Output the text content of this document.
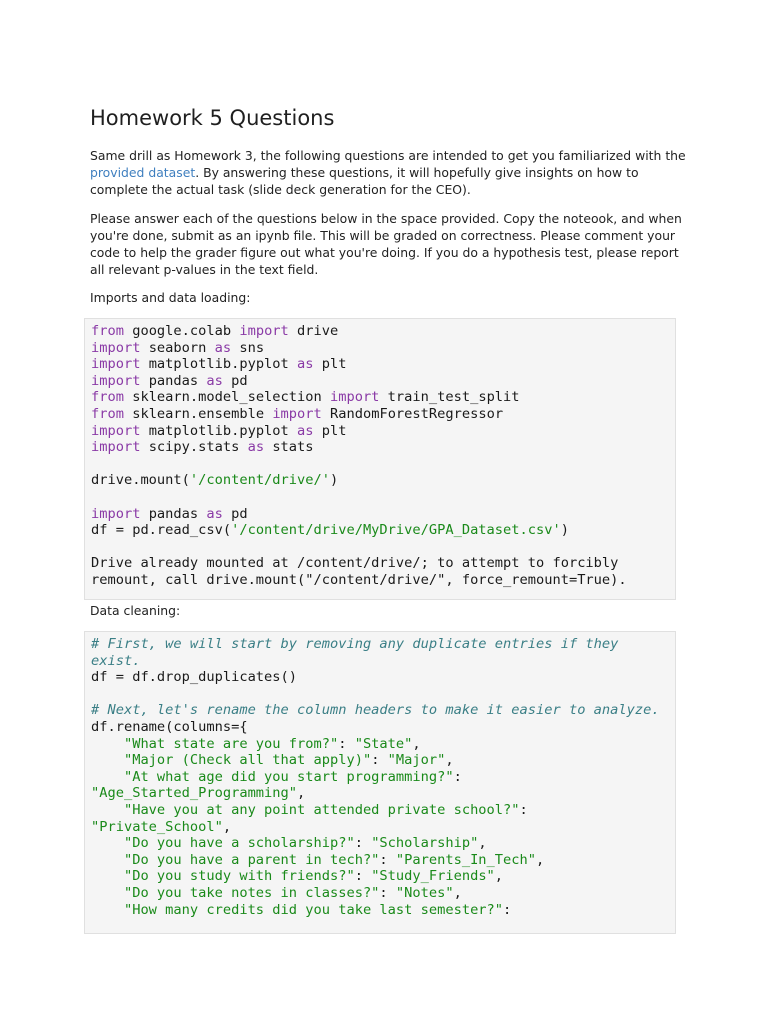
Homework 5 Questions

Same drill as Homework 3, the following questions are intended to get you familiarized with the provided dataset. By answering these questions, it will hopefully give insights on how to complete the actual task (slide deck generation for the CEO).

Please answer each of the questions below in the space provided. Copy the noteook, and when you're done, submit as an ipynb file. This will be graded on correctness. Please comment your code to help the grader figure out what you're doing. If you do a hypothesis test, please report all relevant p-values in the text field.

Imports and data loading:

from google.colab import drive
import seaborn as sns
import matplotlib.pyplot as plt
import pandas as pd
from sklearn.model_selection import train_test_split
from sklearn.ensemble import RandomForestRegressor
import matplotlib.pyplot as plt
import scipy.stats as stats
drive.mount('/content/drive/')
import pandas as pd
df = pd.read_csv('/content/drive/MyDrive/GPA_Dataset.csv')
Drive already mounted at /content/drive/; to attempt to forcibly
remount, call drive.mount("/content/drive/", force_remount=True).

Data cleaning:

# First, we will start by removing any duplicate entries if they
exist.
df = df.drop_duplicates()
# Next, let's rename the column headers to make it easier to analyze.
df.rename(columns={
"What state are you from?": "State",
"Major (Check all that apply)": "Major",
"At what age did you start programming?":
"Age_Started_Programming",
"Have you at any point attended private school?":
"Private_School",
"Do you have a scholarship?": "Scholarship",
"Do you have a parent in tech?": "Parents_In_Tech",
"Do you study with friends?": "Study_Friends",
"Do you take notes in classes?": "Notes",
"How many credits did you take last semester?":
